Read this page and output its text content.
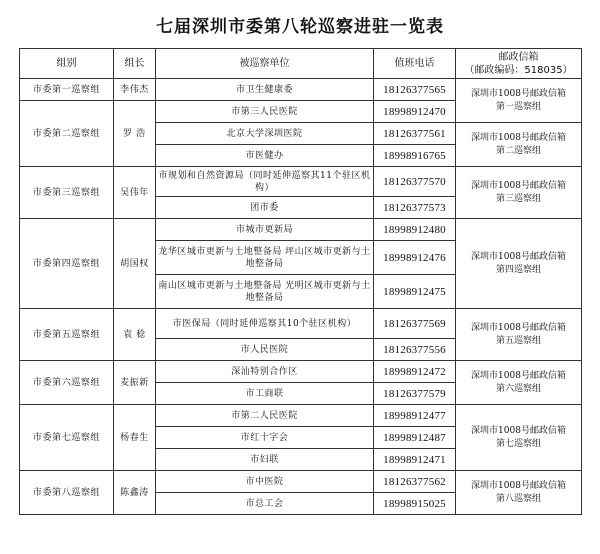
七届深圳市委第八轮巡察进驻一览表
组别	组长	被巡察单位	值班电话	邮政信箱
（邮政编码：518035）

市委第一巡察组	李伟杰	市卫生健康委	18126377565	深圳市1008号邮政信箱
第一巡察组

市委第二巡察组	罗 浩	市第三人民医院	18998912470	
		北京大学深圳医院	18126377561	深圳市1008号邮政信箱
第二巡察组

		市医健办	18998916765	
市委第三巡察组	吴伟年	市规划和自然资源局（同时延伸巡察其11个驻区机构）	18126377570	深圳市1008号邮政信箱
第三巡察组

		团市委	18126377573	
市委第四巡察组	胡国权	市城市更新局	18998912480	深圳市1008号邮政信箱
第四巡察组

		龙华区城市更新与土地整备局 坪山区城市更新与土地整备局	18998912476	
		南山区城市更新与土地整备局 光明区城市更新与土地整备局	18998912475	
市委第五巡察组	袁 稔	市医保局（同时延伸巡察其10个驻区机构）	18126377569	深圳市1008号邮政信箱
第五巡察组

		市人民医院	18126377556	
市委第六巡察组	麦振新	深汕特别合作区	18998912472	深圳市1008号邮政信箱
第六巡察组

		市工商联	18126377579	
市委第七巡察组	杨春生	市第二人民医院	18998912477	深圳市1008号邮政信箱
第七巡察组

		市红十字会	18998912487	
		市妇联	18998912471	
市委第八巡察组	陈鑫涛	市中医院	18126377562	深圳市1008号邮政信箱
第八巡察组

		市总工会	18998915025	
